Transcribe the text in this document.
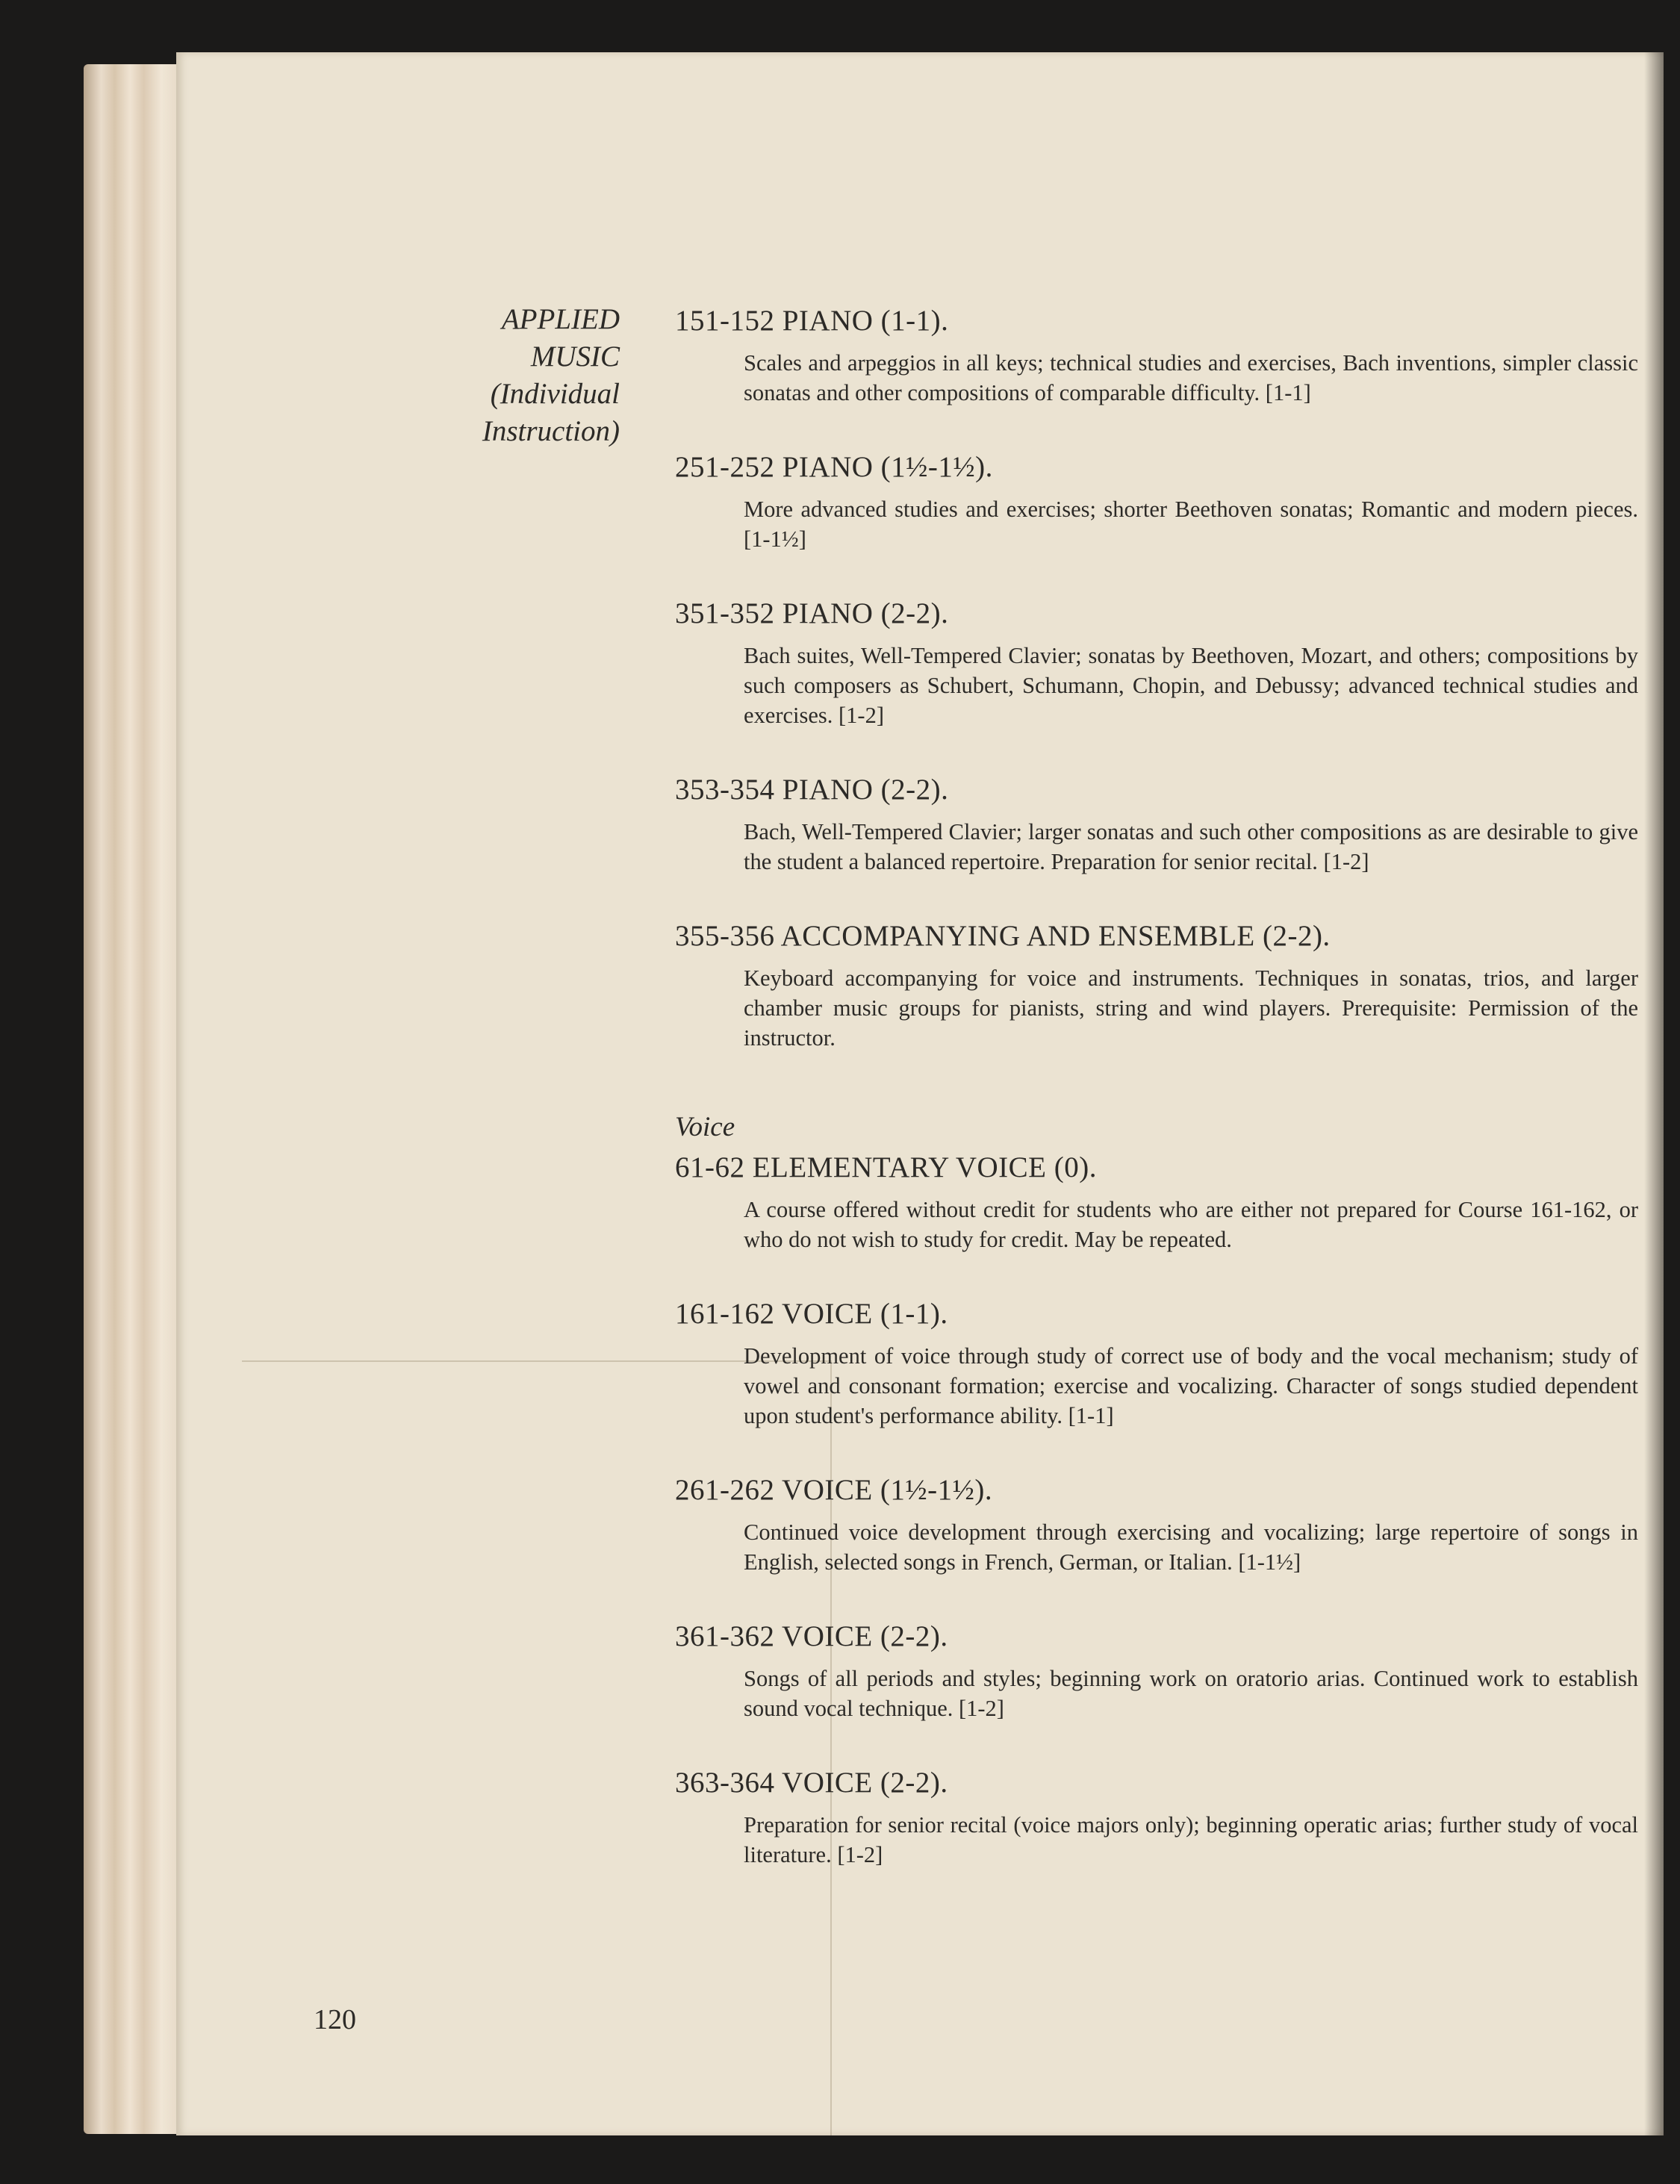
APPLIED
MUSIC
(Individual
Instruction)
151-152 PIANO (1-1).
Scales and arpeggios in all keys; technical studies and exercises, Bach inventions, simpler classic sonatas and other compositions of comparable difficulty. [1-1]
251-252 PIANO (1½-1½).
More advanced studies and exercises; shorter Beethoven sonatas; Romantic and modern pieces. [1-1½]
351-352 PIANO (2-2).
Bach suites, Well-Tempered Clavier; sonatas by Beethoven, Mozart, and others; compositions by such composers as Schubert, Schumann, Chopin, and Debussy; advanced technical studies and exercises. [1-2]
353-354 PIANO (2-2).
Bach, Well-Tempered Clavier; larger sonatas and such other compositions as are desirable to give the student a balanced repertoire. Preparation for senior recital. [1-2]
355-356 ACCOMPANYING AND ENSEMBLE (2-2).
Keyboard accompanying for voice and instruments. Techniques in sonatas, trios, and larger chamber music groups for pianists, string and wind players. Prerequisite: Permission of the instructor.
Voice
61-62 ELEMENTARY VOICE (0).
A course offered without credit for students who are either not prepared for Course 161-162, or who do not wish to study for credit. May be repeated.
161-162 VOICE (1-1).
Development of voice through study of correct use of body and the vocal mechanism; study of vowel and consonant formation; exercise and vocalizing. Character of songs studied dependent upon student's performance ability. [1-1]
261-262 VOICE (1½-1½).
Continued voice development through exercising and vocalizing; large repertoire of songs in English, selected songs in French, German, or Italian. [1-1½]
361-362 VOICE (2-2).
Songs of all periods and styles; beginning work on oratorio arias. Continued work to establish sound vocal technique. [1-2]
363-364 VOICE (2-2).
Preparation for senior recital (voice majors only); beginning operatic arias; further study of vocal literature. [1-2]
120
